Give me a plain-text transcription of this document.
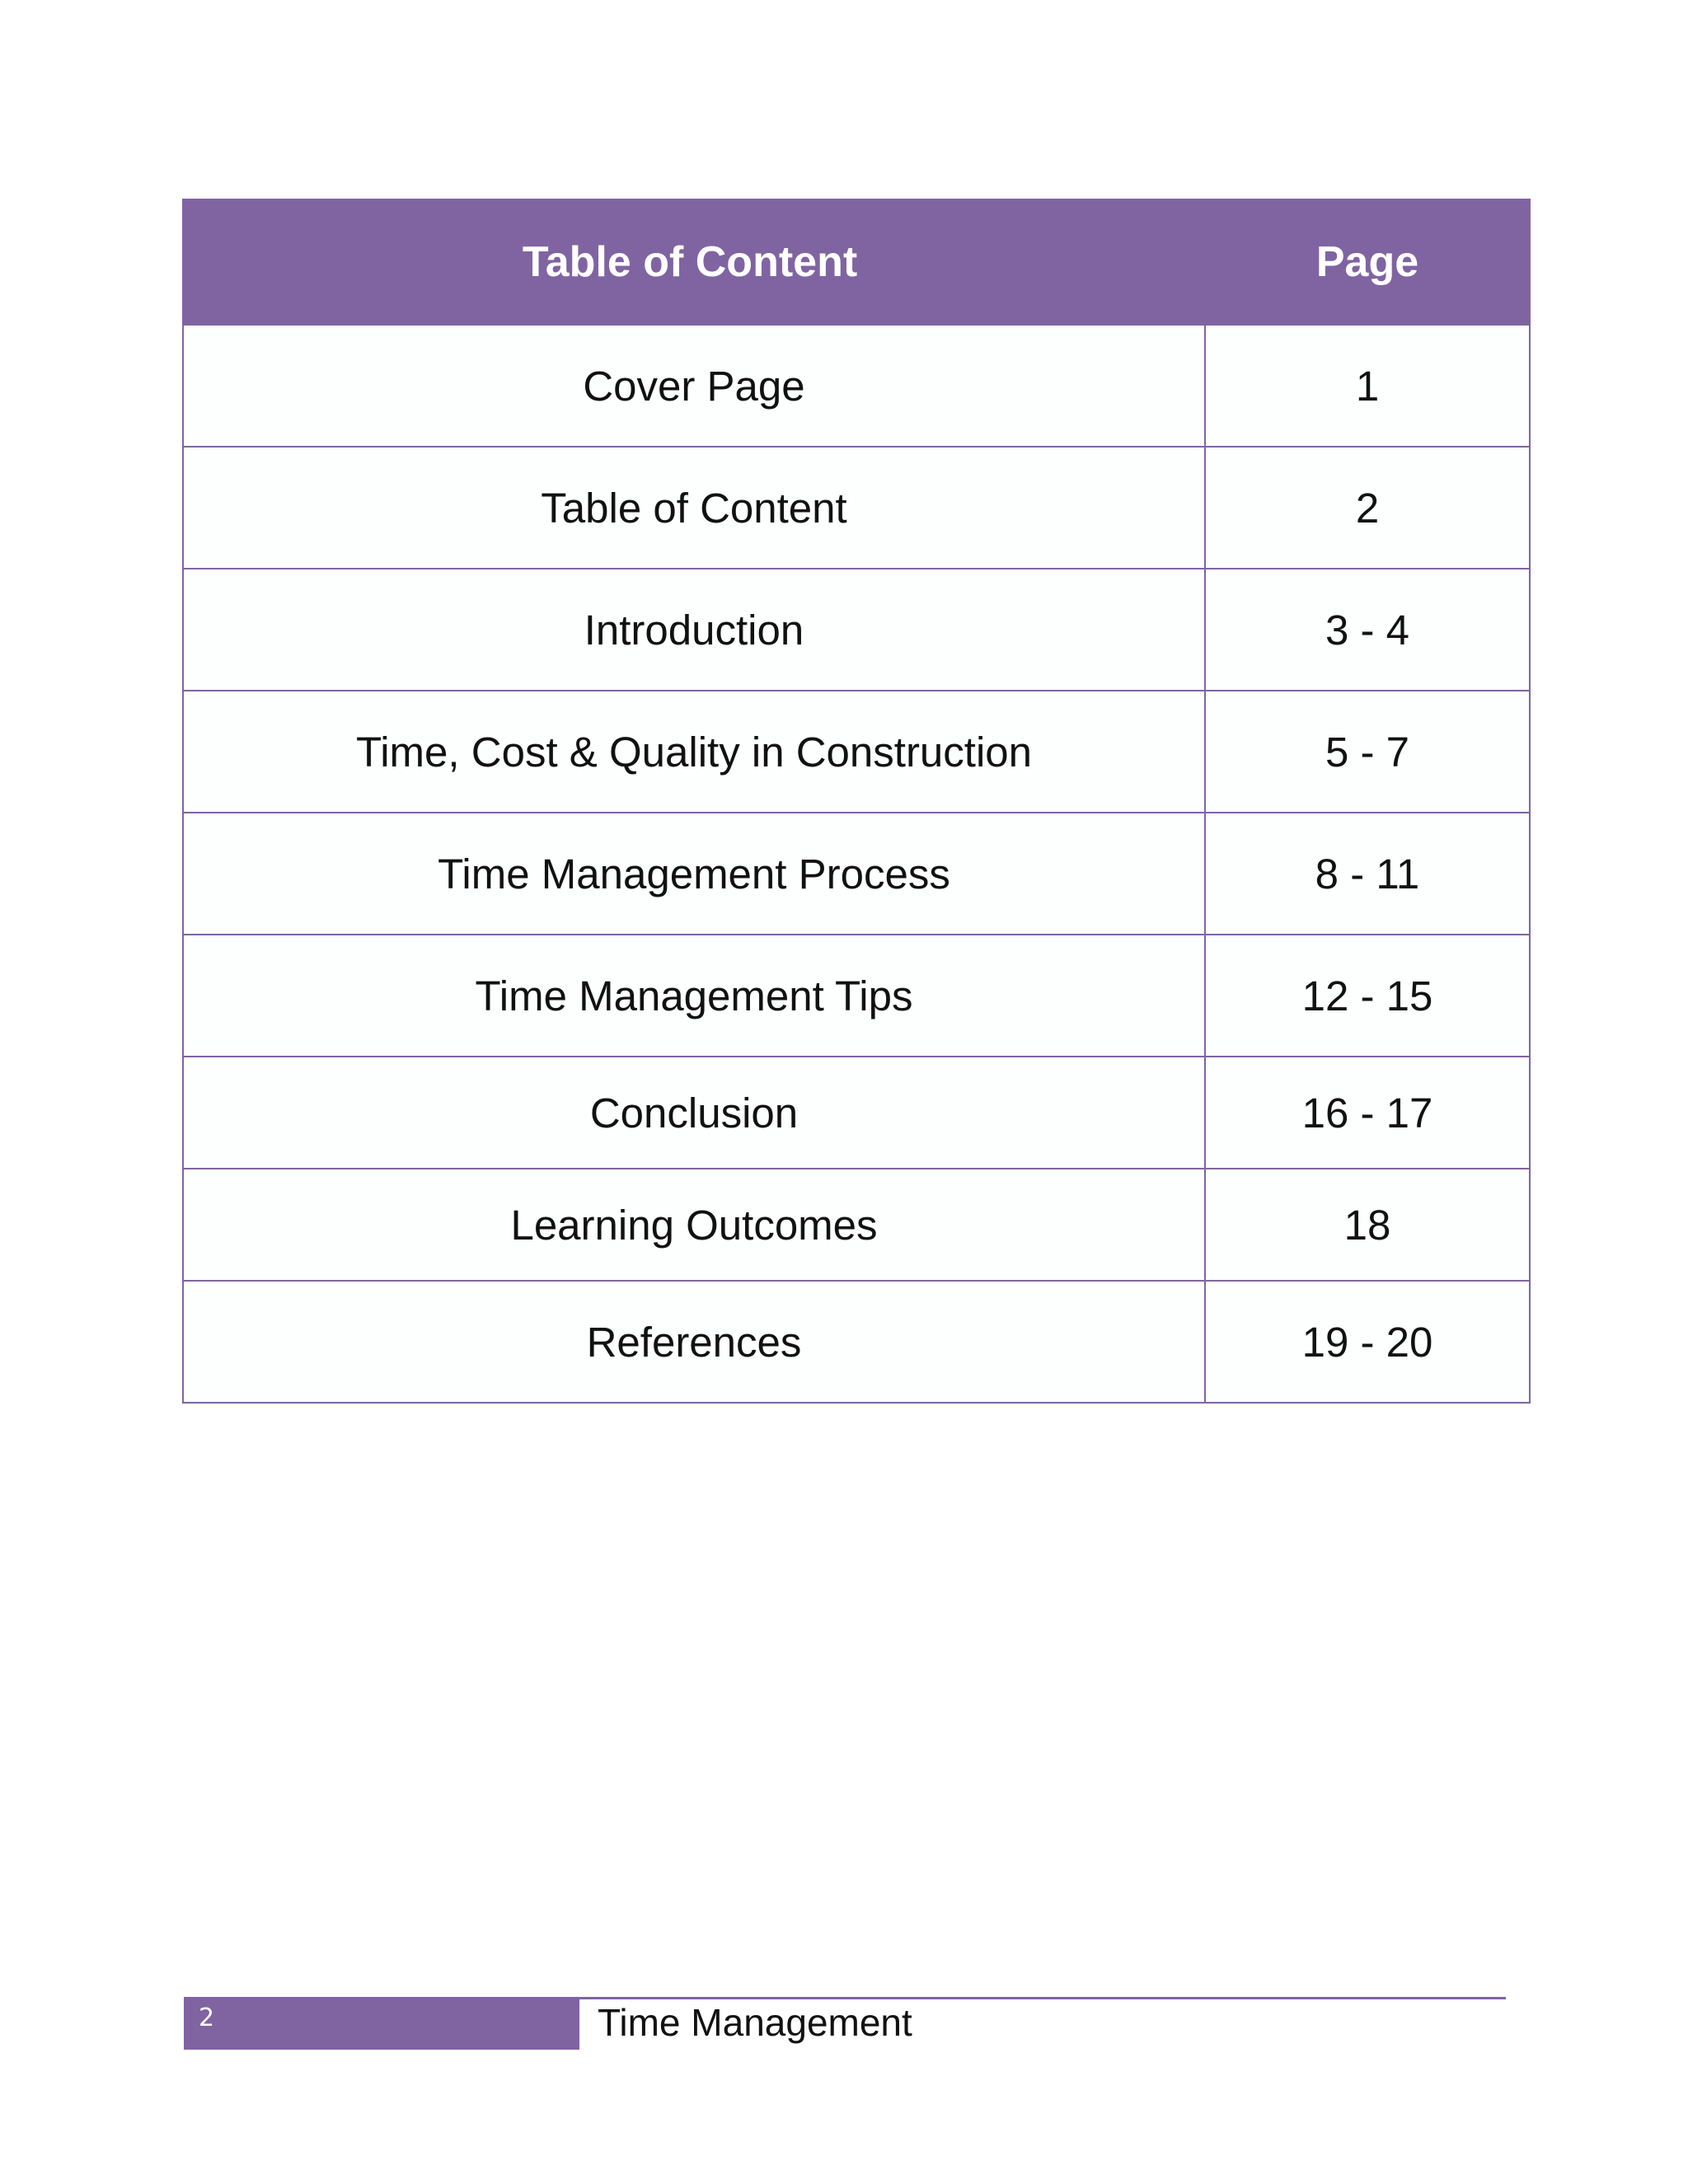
Table of Content	Page
Cover Page	1
Table of Content	2
Introduction	3 - 4
Time, Cost & Quality in Construction	5 - 7
Time Management Process	8 - 11
Time Management Tips	12 - 15
Conclusion	16 - 17
Learning Outcomes	18
References	19 - 20
2	Time Management
